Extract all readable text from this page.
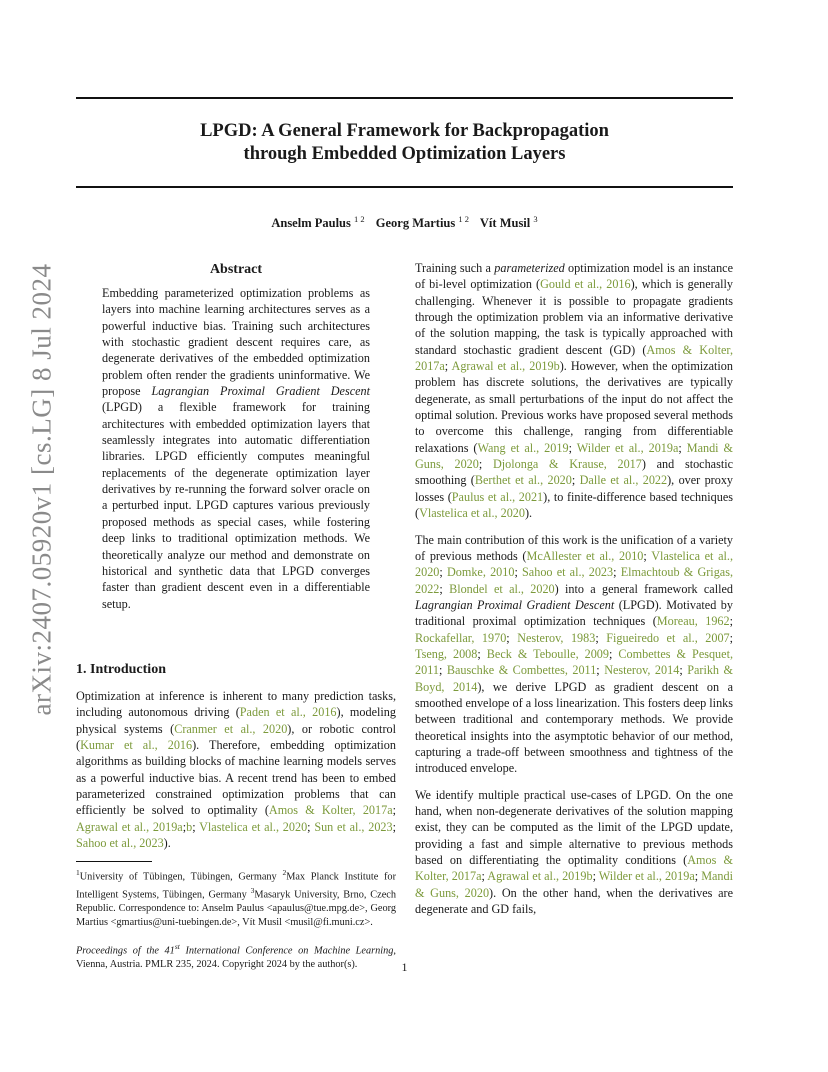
LPGD: A General Framework for Backpropagation
through Embedded Optimization Layers
Anselm Paulus $^{1 2}$ Georg Martius $^{1 2}$ Vít Musil $^3$
arXiv:2407.05920v1 [cs.LG] 8 Jul 2024	Abstract

Embedding parameterized optimization problems as layers into machine learning architectures serves as a powerful inductive bias. Training such architectures with stochastic gradient descent requires care, as degenerate derivatives of the embedded optimization problem often render the gradients uninformative. We propose Lagrangian Proximal Gradient Descent (LPGD) a flexible framework for training architectures with embedded optimization layers that seamlessly integrates into automatic differentiation libraries. LPGD efficiently computes meaningful replacements of the degenerate optimization layer derivatives by re-running the forward solver oracle on a perturbed input. LPGD captures various previously proposed methods as special cases, while fostering deep links to traditional optimization methods. We theoretically analyze our method and demonstrate on historical and synthetic data that LPGD converges faster than gradient descent even in a differentiable setup.

1. Introduction

Optimization at inference is inherent to many prediction tasks, including autonomous driving (Paden et al., 2016), modeling physical systems (Cranmer et al., 2020), or robotic control (Kumar et al., 2016). Therefore, embedding optimization algorithms as building blocks of machine learning models serves as a powerful inductive bias. A recent trend has been to embed parameterized constrained optimization problems that can efficiently be solved to optimality (Amos & Kolter, 2017a; Agrawal et al., 2019a;b; Vlastelica et al., 2020; Sun et al., 2023; Sahoo et al., 2023).

$^1$University of Tübingen, Tübingen, Germany $^2$Max Planck Institute for Intelligent Systems, Tübingen, Germany $^3$Masaryk University, Brno, Czech Republic. Correspondence to: Anselm Paulus <apaulus@tue.mpg.de>, Georg Martius <gmartius@uni-tuebingen.de>, Vít Musil <musil@fi.muni.cz>.

Proceedings of the 41st International Conference on Machine Learning, Vienna, Austria. PMLR 235, 2024. Copyright 2024 by the author(s).

Training such a parameterized optimization model is an instance of bi-level optimization (Gould et al., 2016), which is generally challenging. Whenever it is possible to propagate gradients through the optimization problem via an informative derivative of the solution mapping, the task is typically approached with standard stochastic gradient descent (GD) (Amos & Kolter, 2017a; Agrawal et al., 2019b). However, when the optimization problem has discrete solutions, the derivatives are typically degenerate, as small perturbations of the input do not affect the optimal solution. Previous works have proposed several methods to overcome this challenge, ranging from differentiable relaxations (Wang et al., 2019; Wilder et al., 2019a; Mandi & Guns, 2020; Djolonga & Krause, 2017) and stochastic smoothing (Berthet et al., 2020; Dalle et al., 2022), over proxy losses (Paulus et al., 2021), to finite-difference based techniques (Vlastelica et al., 2020).

The main contribution of this work is the unification of a variety of previous methods (McAllester et al., 2010; Vlastelica et al., 2020; Domke, 2010; Sahoo et al., 2023; Elmachtoub & Grigas, 2022; Blondel et al., 2020) into a general framework called Lagrangian Proximal Gradient Descent (LPGD). Motivated by traditional proximal optimization techniques (Moreau, 1962; Rockafellar, 1970; Nesterov, 1983; Figueiredo et al., 2007; Tseng, 2008; Beck & Teboulle, 2009; Combettes & Pesquet, 2011; Bauschke & Combettes, 2011; Nesterov, 2014; Parikh & Boyd, 2014), we derive LPGD as gradient descent on a smoothed envelope of a loss linearization. This fosters deep links between traditional and contemporary methods. We provide theoretical insights into the asymptotic behavior of our method, capturing a trade-off between smoothness and tightness of the introduced envelope.

We identify multiple practical use-cases of LPGD. On the one hand, when non-degenerate derivatives of the solution mapping exist, they can be computed as the limit of the LPGD update, providing a fast and simple alternative to previous methods based on differentiating the optimality conditions (Amos & Kolter, 2017a; Agrawal et al., 2019b; Wilder et al., 2019a; Mandi & Guns, 2020). On the other hand, when the derivatives are degenerate and GD fails,

1
